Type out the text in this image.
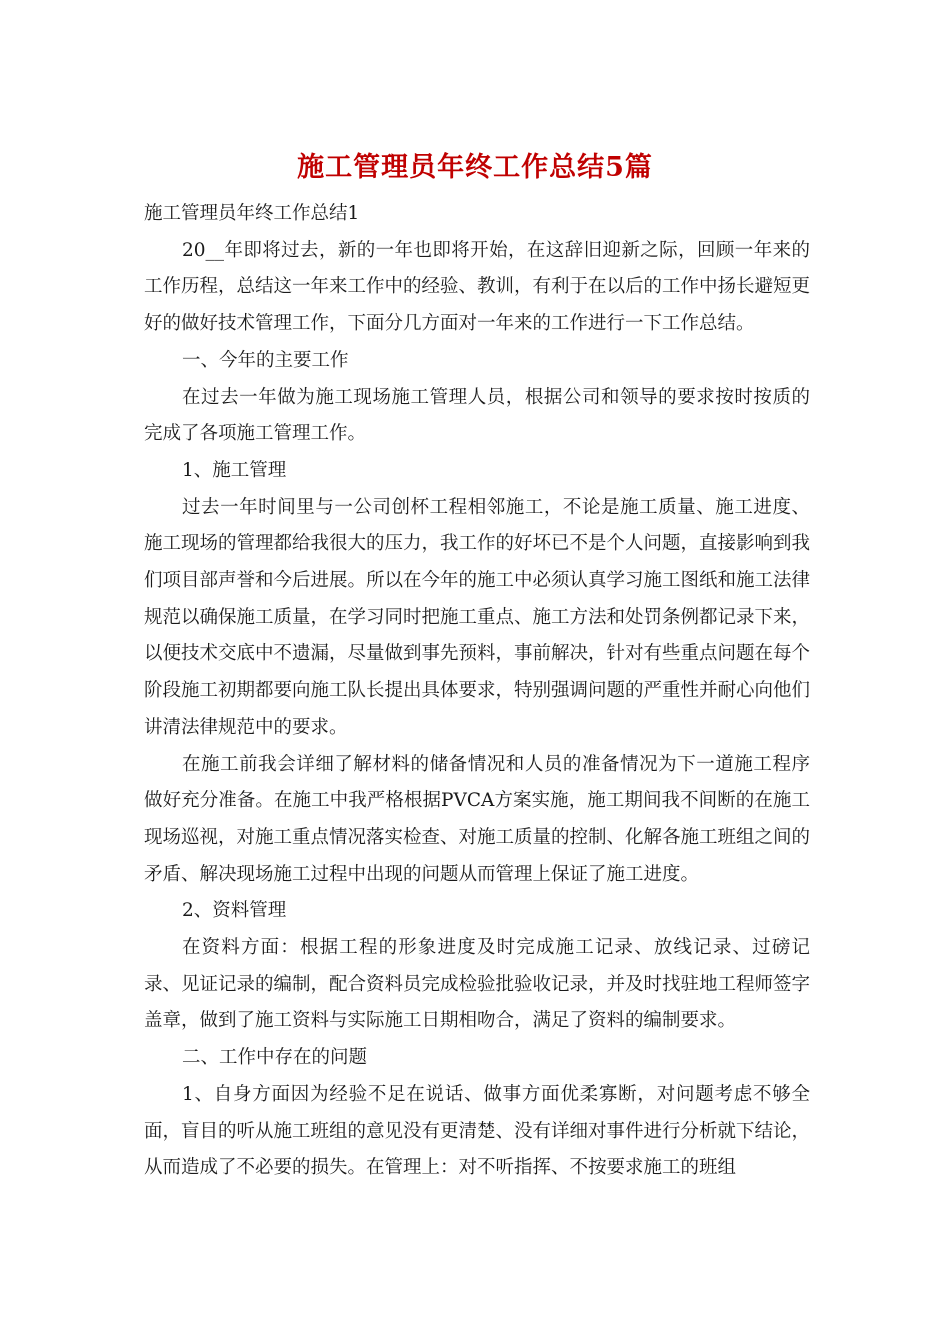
施工管理员年终工作总结5篇

施工管理员年终工作总结1

20__年即将过去，新的一年也即将开始，在这辞旧迎新之际，回顾一年来的工作历程，总结这一年来工作中的经验、教训，有利于在以后的工作中扬长避短更好的做好技术管理工作，下面分几方面对一年来的工作进行一下工作总结。

一、今年的主要工作

在过去一年做为施工现场施工管理人员，根据公司和领导的要求按时按质的完成了各项施工管理工作。

1、施工管理

过去一年时间里与一公司创杯工程相邻施工，不论是施工质量、施工进度、施工现场的管理都给我很大的压力，我工作的好坏已不是个人问题，直接影响到我们项目部声誉和今后进展。所以在今年的施工中必须认真学习施工图纸和施工法律规范以确保施工质量，在学习同时把施工重点、施工方法和处罚条例都记录下来，以便技术交底中不遗漏，尽量做到事先预料，事前解决，针对有些重点问题在每个阶段施工初期都要向施工队长提出具体要求，特别强调问题的严重性并耐心向他们讲清法律规范中的要求。

在施工前我会详细了解材料的储备情况和人员的准备情况为下一道施工程序做好充分准备。在施工中我严格根据PVCA方案实施，施工期间我不间断的在施工现场巡视，对施工重点情况落实检查、对施工质量的控制、化解各施工班组之间的矛盾、解决现场施工过程中出现的问题从而管理上保证了施工进度。

2、资料管理

在资料方面：根据工程的形象进度及时完成施工记录、放线记录、过磅记录、见证记录的编制，配合资料员完成检验批验收记录，并及时找驻地工程师签字盖章，做到了施工资料与实际施工日期相吻合，满足了资料的编制要求。

二、工作中存在的问题

1、自身方面因为经验不足在说话、做事方面优柔寡断，对问题考虑不够全面，盲目的听从施工班组的意见没有更清楚、没有详细对事件进行分析就下结论，从而造成了不必要的损失。在管理上：对不听指挥、不按要求施工的班组
